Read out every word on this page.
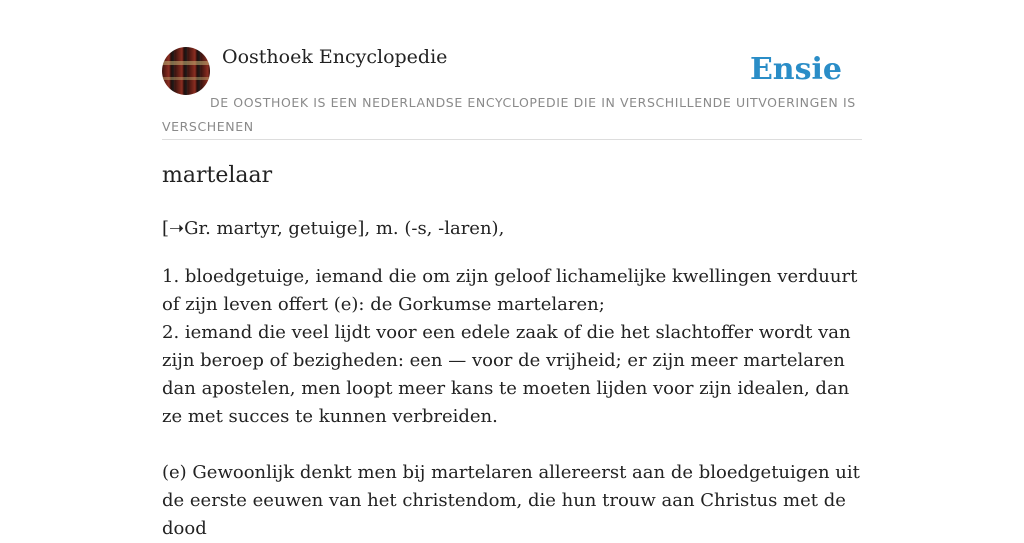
Oosthoek Encyclopedie	Ensie
DE OOSTHOEK IS EEN NEDERLANDSE ENCYCLOPEDIE DIE IN VERSCHILLENDE UITVOERINGEN IS VERSCHENEN
martelaar
[➝Gr. martyr, getuige], m. (-s, -laren),

1. bloedgetuige, iemand die om zijn geloof lichamelijke kwellingen verduurt of zijn leven offert (e): de Gorkumse martelaren;

2. iemand die veel lijdt voor een edele zaak of die het slachtoffer wordt van zijn beroep of bezigheden: een — voor de vrijheid; er zijn meer martelaren dan apostelen, men loopt meer kans te moeten lijden voor zijn idealen, dan ze met succes te kunnen verbreiden.

(e) Gewoonlijk denkt men bij martelaren allereerst aan de bloedgetuigen uit de eerste eeuwen van het christendom, die hun trouw aan Christus met de dood
